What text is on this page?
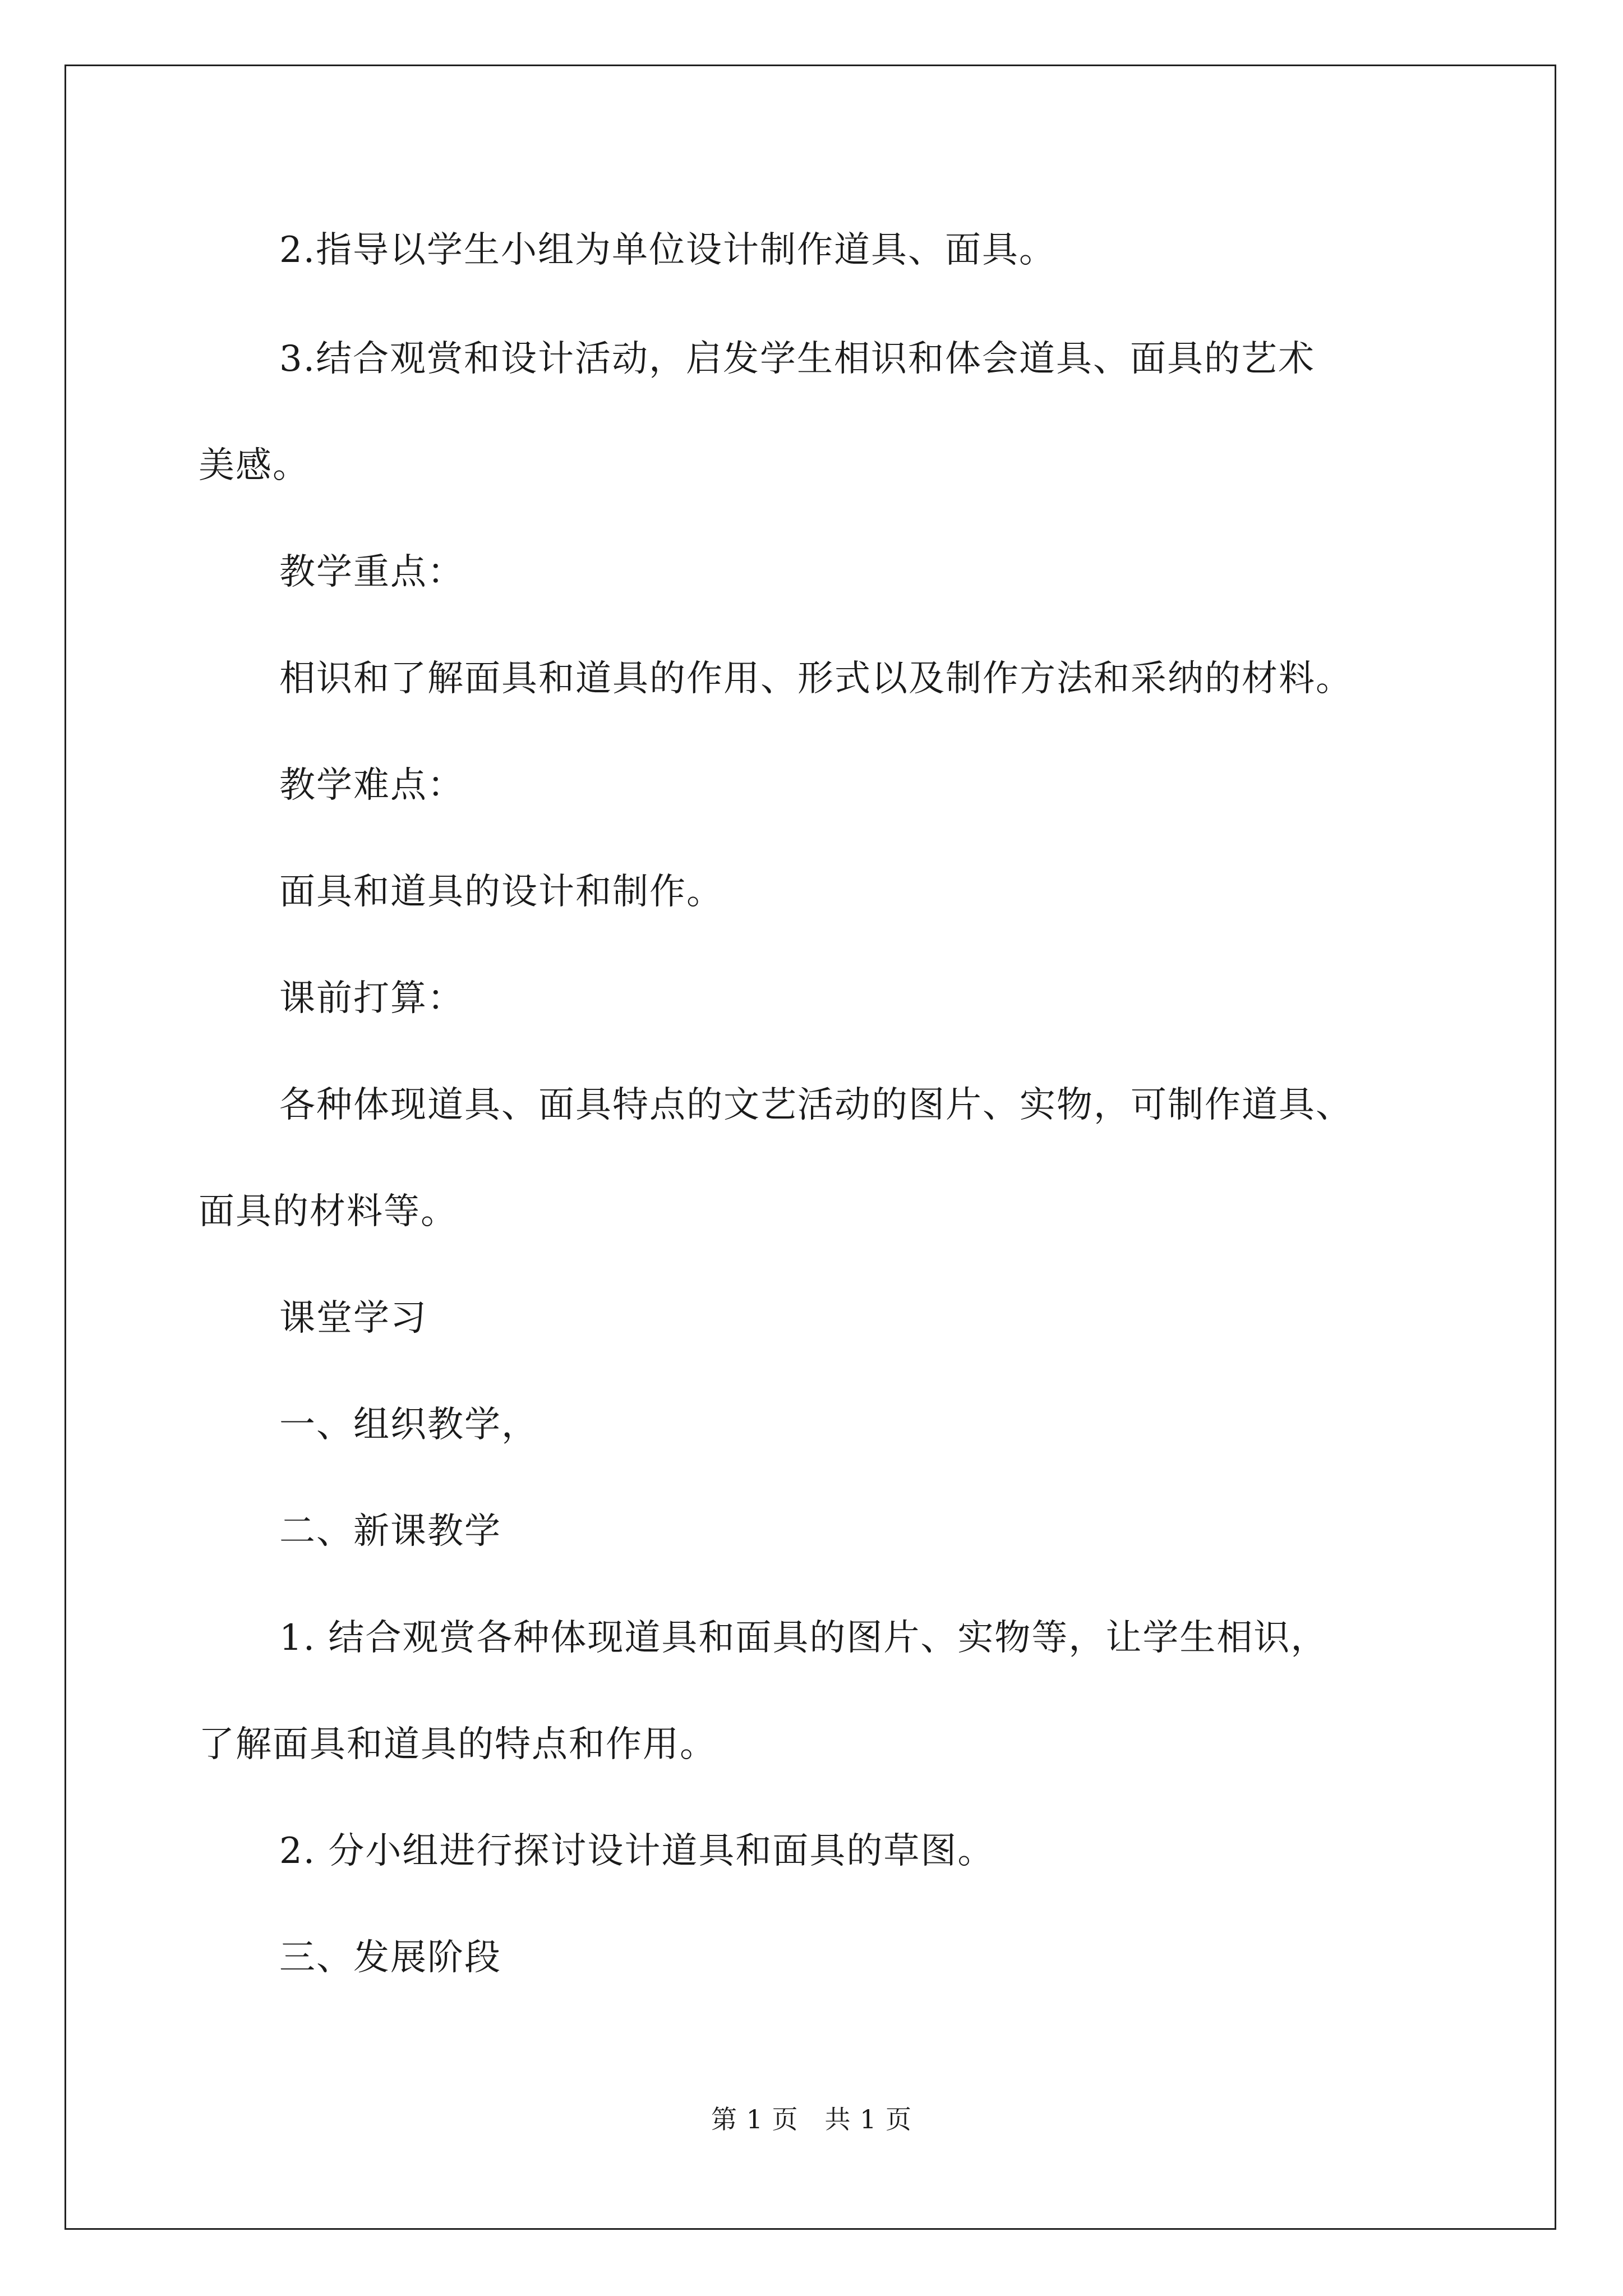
2.指导以学生小组为单位设计制作道具、面具。
3.结合观赏和设计活动，启发学生相识和体会道具、面具的艺术
美感。
教学重点：
相识和了解面具和道具的作用、形式以及制作方法和采纳的材料。
教学难点：
面具和道具的设计和制作。
课前打算：
各种体现道具、面具特点的文艺活动的图片、实物，可制作道具、
面具的材料等。
课堂学习
一、组织教学，
二、新课教学
1. 结合观赏各种体现道具和面具的图片、实物等，让学生相识，
了解面具和道具的特点和作用。
2. 分小组进行探讨设计道具和面具的草图。
三、发展阶段
第 1 页　共 1 页
